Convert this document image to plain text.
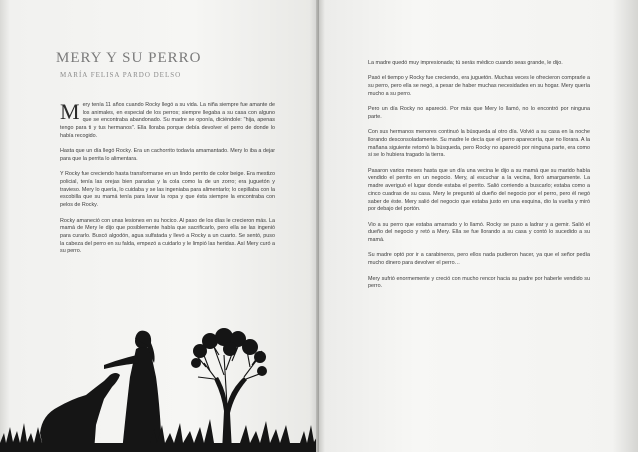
MERY Y SU PERRO
MARÍA FELISA PARDO DELSO

Mery tenía 11 años cuando Rocky llegó a su vida. La niña siempre fue amante de los animales, en especial de los perros; siempre llegaba a su casa con alguno que se encontraba abandonado. Su madre se oponía, diciéndole: "hija, apenas tengo para ti y tus hermanos". Ella lloraba porque debía devolver el perro de donde lo había recogido.

Hasta que un día llegó Rocky. Era un cachorrito todavía amamantado. Mery lo iba a dejar para que la perrita lo alimentara.

Y Rocky fue creciendo hasta transformarse en un lindo perrito de color beige. Era mestizo policial, tenía las orejas bien paradas y la cola como la de un zorro; era juguetón y travieso. Mery lo quería, lo cuidaba y se las ingeniaba para alimentarlo; lo cepillaba con la escobilla que su mamá tenía para lavar la ropa y que ésta siempre la encontraba con pelos de Rocky.

Rocky amaneció con unas lesiones en su hocico. Al paso de los días le crecieron más. La mamá de Mery le dijo que posiblemente había que sacrificarlo, pero ella se las ingenió para curarlo. Buscó algodón, agua sulfatada y llevó a Rocky a un cuarto. Se sentó, puso la cabeza del perro en su falda, empezó a cuidarlo y le limpió las heridas. Así Mery curó a su perro.

La madre quedó muy impresionada; tú serás médico cuando seas grande, le dijo.

Pasó el tiempo y Rocky fue creciendo, era juguetón. Muchas veces le ofrecieron comprarle a su perro, pero ella se negó, a pesar de haber muchas necesidades en su hogar. Mery quería mucho a su perro.

Pero un día Rocky no apareció. Por más que Mery lo llamó, no lo encontró por ninguna parte.

Con sus hermanos menores continuó la búsqueda al otro día. Volvió a su casa en la noche llorando desconsoladamente. Su madre le decía que el perro aparecería, que no llorara. A la mañana siguiente retomó la búsqueda, pero Rocky no apareció por ninguna parte, era como si se lo hubiera tragado la tierra.

Pasaron varios meses hasta que un día una vecina le dijo a su mamá que su marido había vendido el perrito en un negocio. Mery, al escuchar a la vecina, lloró amargamente. La madre averiguó el lugar donde estaba el perrito. Salió corriendo a buscarlo; estaba como a cinco cuadras de su casa. Mery le preguntó al dueño del negocio por el perro, pero él negó saber de éste. Mery salió del negocio que estaba justo en una esquina, dio la vuelta y miró por debajo del portón.

Vio a su perro que estaba amarrado y lo llamó. Rocky se puso a ladrar y a gemir. Salió el dueño del negocio y retó a Mery. Ella se fue llorando a su casa y contó lo sucedido a su mamá.

Su madre optó por ir a carabineros, pero ellos nada pudieron hacer, ya que el señor pedía mucho dinero para devolver el perro…

Mery sufrió enormemente y creció con mucho rencor hacia su padre por haberle vendido su perro.
